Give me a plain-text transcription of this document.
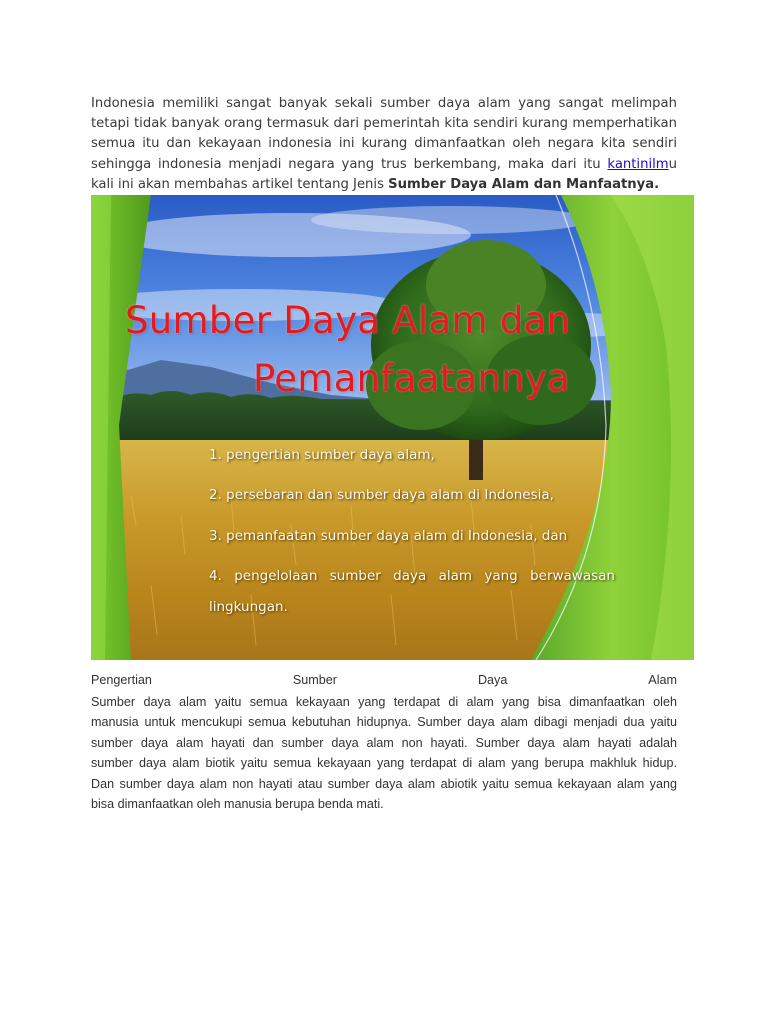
Indonesia memiliki sangat banyak sekali sumber daya alam yang sangat melimpah tetapi tidak banyak orang termasuk dari pemerintah kita sendiri kurang memperhatikan semua itu dan kekayaan indonesia ini kurang dimanfaatkan oleh negara kita sendiri sehingga indonesia menjadi negara yang trus berkembang, maka dari itu kantinilmu kali ini akan membahas artikel tentang Jenis Sumber Daya Alam dan Manfaatnya.
Sumber Daya Alam dan
Pemanfaatannya
1. pengertian sumber daya alam,
2. persebaran dan sumber daya alam di Indonesia,
3. pemanfaatan sumber daya alam di Indonesia, dan
4. pengelolaan sumber daya alam yang berwawasan
lingkungan.
Pengertian	Sumber	Daya	Alam
Sumber daya alam yaitu semua kekayaan yang terdapat di alam yang bisa dimanfaatkan oleh
manusia untuk mencukupi semua kebutuhan hidupnya. Sumber daya alam dibagi menjadi dua yaitu
sumber daya alam hayati dan sumber daya alam non hayati. Sumber daya alam hayati adalah
sumber daya alam biotik yaitu semua kekayaan yang terdapat di alam yang berupa makhluk hidup.
Dan sumber daya alam non hayati atau sumber daya alam abiotik yaitu semua kekayaan alam yang
bisa dimanfaatkan oleh manusia berupa benda mati.
